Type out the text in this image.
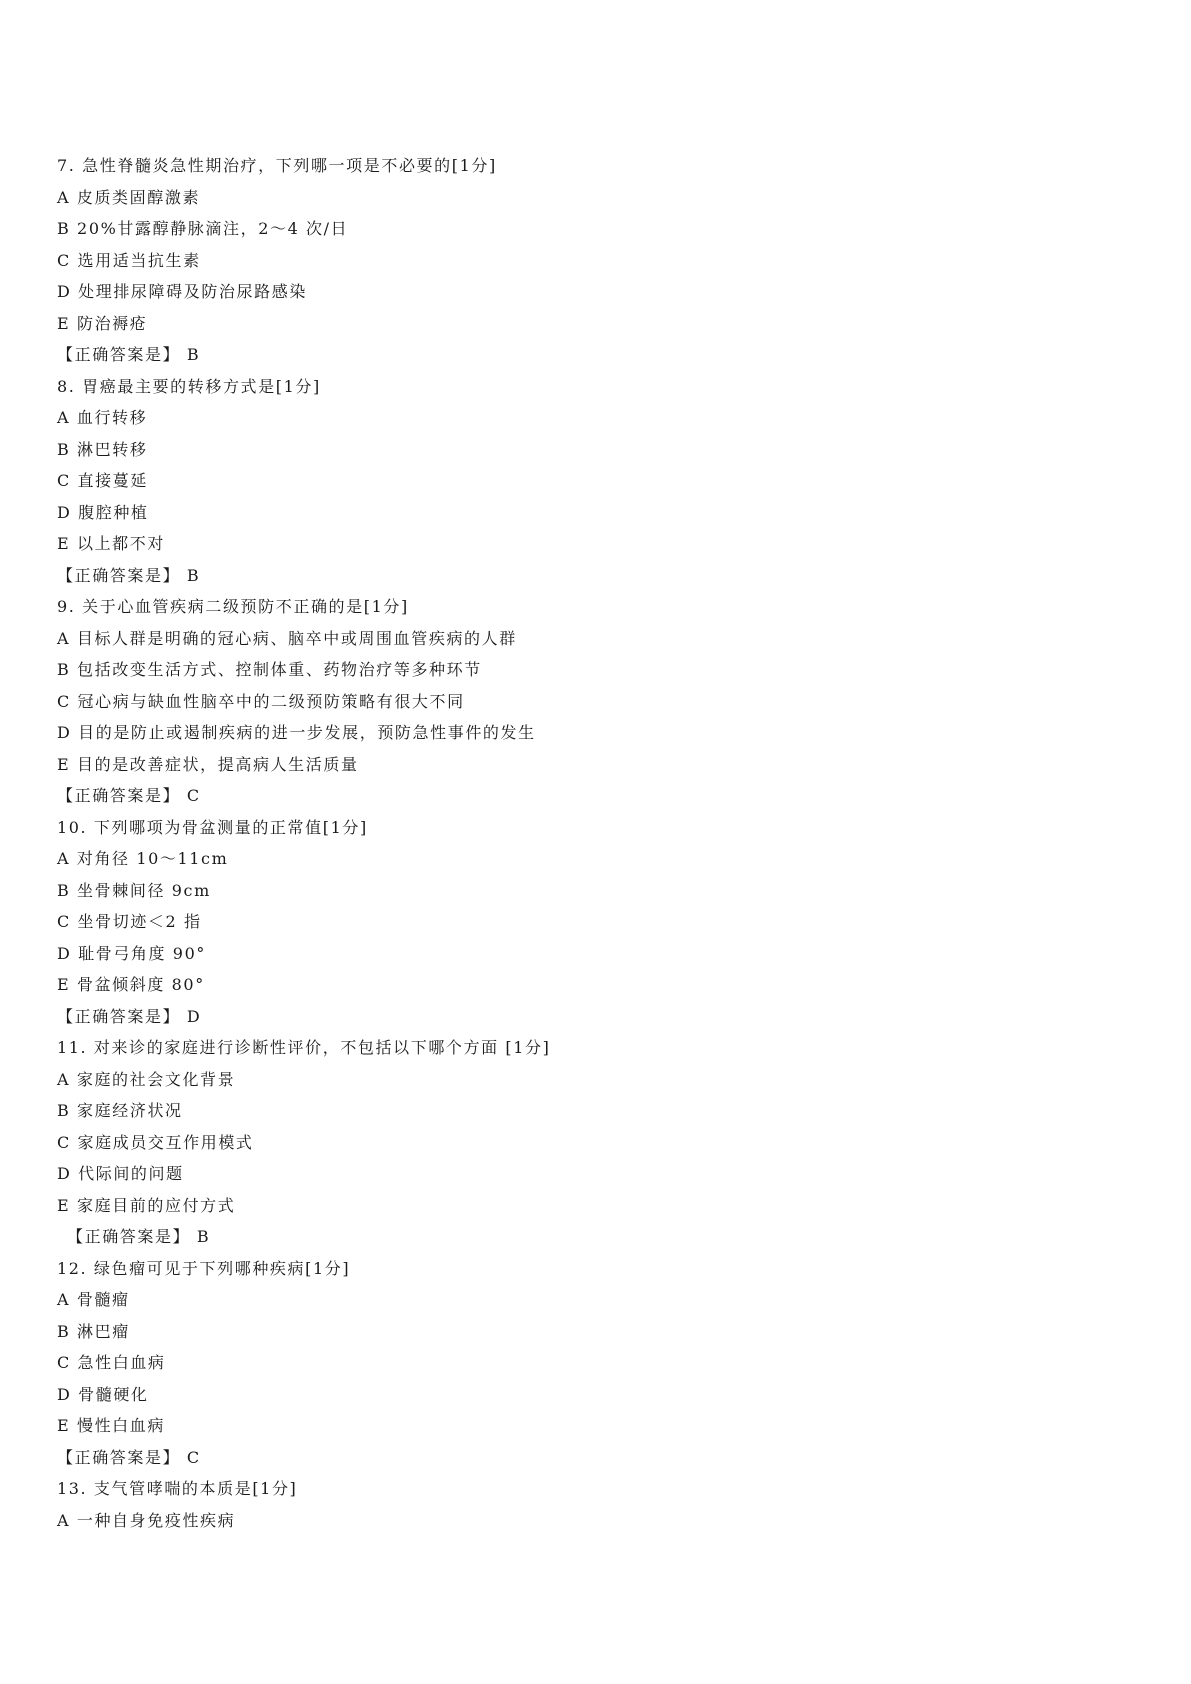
7. 急性脊髓炎急性期治疗，下列哪一项是不必要的[1分]
A 皮质类固醇激素
B 20%甘露醇静脉滴注，2～4 次/日
C 选用适当抗生素
D 处理排尿障碍及防治尿路感染
E 防治褥疮
【正确答案是】 B
8. 胃癌最主要的转移方式是[1分]
A 血行转移
B 淋巴转移
C 直接蔓延
D 腹腔种植
E 以上都不对
【正确答案是】 B
9. 关于心血管疾病二级预防不正确的是[1分]
A 目标人群是明确的冠心病、脑卒中或周围血管疾病的人群
B 包括改变生活方式、控制体重、药物治疗等多种环节
C 冠心病与缺血性脑卒中的二级预防策略有很大不同
D 目的是防止或遏制疾病的进一步发展，预防急性事件的发生
E 目的是改善症状，提高病人生活质量
【正确答案是】 C
10. 下列哪项为骨盆测量的正常值[1分]
A 对角径 10～11cm
B 坐骨棘间径 9cm
C 坐骨切迹＜2 指
D 耻骨弓角度 90°
E 骨盆倾斜度 80°
【正确答案是】 D
11. 对来诊的家庭进行诊断性评价，不包括以下哪个方面 [1分]
A 家庭的社会文化背景
B 家庭经济状况
C 家庭成员交互作用模式
D 代际间的问题
E 家庭目前的应付方式
【正确答案是】 B
12. 绿色瘤可见于下列哪种疾病[1分]
A 骨髓瘤
B 淋巴瘤
C 急性白血病
D 骨髓硬化
E 慢性白血病
【正确答案是】 C
13. 支气管哮喘的本质是[1分]
A 一种自身免疫性疾病
